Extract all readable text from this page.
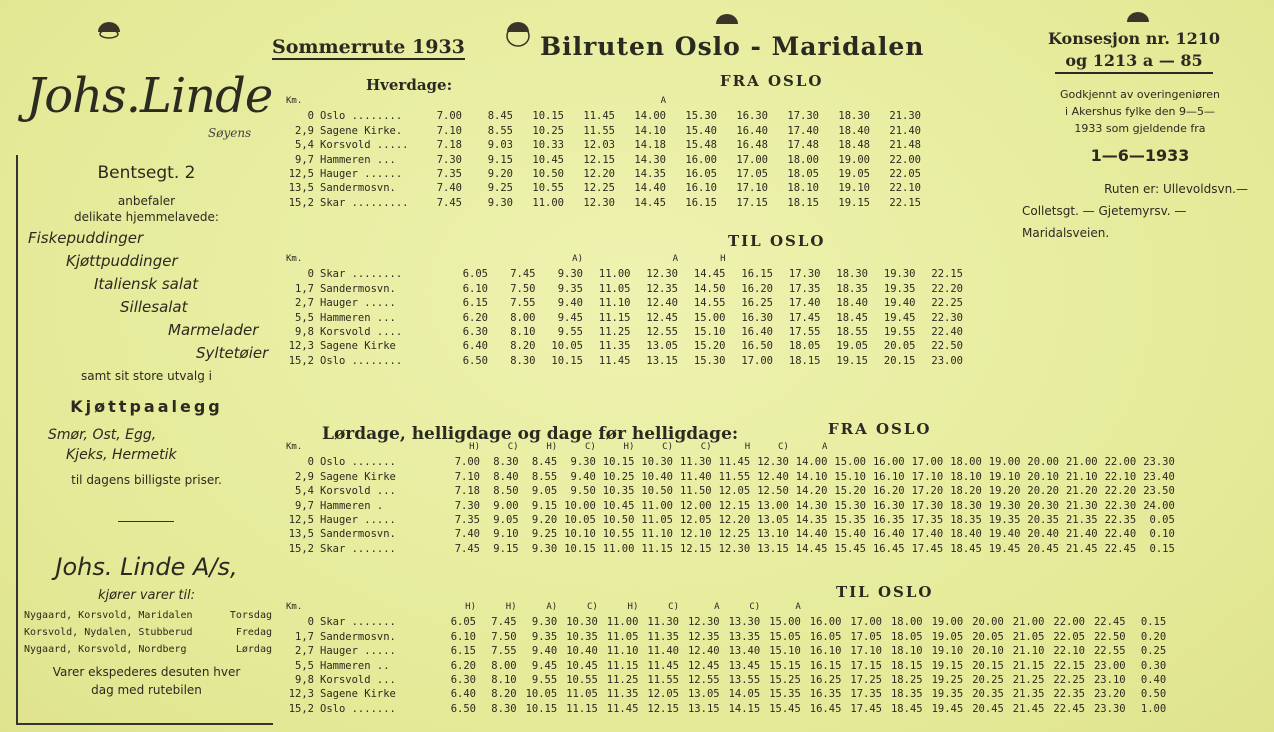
Johs.Linde
Søyens
Bentsegt. 2
anbefaler
delikate hjemmelavede:
Fiskepuddinger
Kjøttpuddinger
Italiensk salat
Sillesalat
Marmelader
Syltetøier
samt sit store utvalg i
Kjøttpaalegg
Smør, Ost, Egg,
Kjeks, Hermetik
til dagens billigste priser.
Johs. Linde A/s,
kjører varer til:
Nygaard, Korsvold, Maridalen	Torsdag
Korsvold, Nydalen, Stubberud	Fredag
Nygaard, Korsvold, Nordberg	Lørdag
Varer ekspederes desuten hver
dag med rutebilen
Sommerrute 1933	Bilruten Oslo - Maridalen	Konsesjon nr. 1210
og 1213 a — 85
Godkjennt av overingeniøren
i Akershus fylke den 9—5—
1933 som gjeldende fra
1—6—1933
Ruten er: Ullevoldsvn.—
Colletsgt. — Gjetemyrsv. —
Maridalsveien.
Hverdage:	FRA OSLO
Km.	A
0 Oslo ........	7.00	8.45	10.15	11.45	14.00	15.30	16.30	17.30	18.30	21.30
2,9 Sagene Kirke.	7.10	8.55	10.25	11.55	14.10	15.40	16.40	17.40	18.40	21.40
5,4 Korsvold .....	7.18	9.03	10.33	12.03	14.18	15.48	16.48	17.48	18.48	21.48
9,7 Hammeren ...	7.30	9.15	10.45	12.15	14.30	16.00	17.00	18.00	19.00	22.00
12,5 Hauger ......	7.35	9.20	10.50	12.20	14.35	16.05	17.05	18.05	19.05	22.05
13,5 Sandermosvn.	7.40	9.25	10.55	12.25	14.40	16.10	17.10	18.10	19.10	22.10
15,2 Skar .........	7.45	9.30	11.00	12.30	14.45	16.15	17.15	18.15	19.15	22.15
TIL OSLO
Km.	A)	A	H
0 Skar ........	6.05	7.45	9.30	11.00	12.30	14.45	16.15	17.30	18.30	19.30	22.15
1,7 Sandermosvn.	6.10	7.50	9.35	11.05	12.35	14.50	16.20	17.35	18.35	19.35	22.20
2,7 Hauger .....	6.15	7.55	9.40	11.10	12.40	14.55	16.25	17.40	18.40	19.40	22.25
5,5 Hammeren ...	6.20	8.00	9.45	11.15	12.45	15.00	16.30	17.45	18.45	19.45	22.30
9,8 Korsvold ....	6.30	8.10	9.55	11.25	12.55	15.10	16.40	17.55	18.55	19.55	22.40
12,3 Sagene Kirke	6.40	8.20	10.05	11.35	13.05	15.20	16.50	18.05	19.05	20.05	22.50
15,2 Oslo ........	6.50	8.30	10.15	11.45	13.15	15.30	17.00	18.15	19.15	20.15	23.00
Lørdage, helligdage og dage før helligdage:	FRA OSLO
Km.	H)	C)	H)	C)	H)	C)	C)	H	C)	A
0 Oslo .......	7.00	8.30	8.45	9.30 10.15 10.30 11.30 11.45 12.30 14.00 15.00 16.00 17.00 18.00 19.00 20.00 21.00 22.00 23.30
2,9 Sagene Kirke	7.10	8.40	8.55	9.40 10.25 10.40 11.40 11.55 12.40 14.10 15.10 16.10 17.10 18.10 19.10 20.10 21.10 22.10 23.40
5,4 Korsvold ...	7.18	8.50	9.05	9.50 10.35 10.50 11.50 12.05 12.50 14.20 15.20 16.20 17.20 18.20 19.20 20.20 21.20 22.20 23.50
9,7 Hammeren .	7.30	9.00	9.15 10.00 10.45 11.00 12.00 12.15 13.00 14.30 15.30 16.30 17.30 18.30 19.30 20.30 21.30 22.30 24.00
12,5 Hauger .....	7.35	9.05	9.20 10.05 10.50 11.05 12.05 12.20 13.05 14.35 15.35 16.35 17.35 18.35 19.35 20.35 21.35 22.35	0.05
13,5 Sandermosvn.	7.40	9.10	9.25 10.10 10.55 11.10 12.10 12.25 13.10 14.40 15.40 16.40 17.40 18.40 19.40 20.40 21.40 22.40	0.10
15,2 Skar .......	7.45	9.15	9.30 10.15 11.00 11.15 12.15 12.30 13.15 14.45 15.45 16.45 17.45 18.45 19.45 20.45 21.45 22.45	0.15
TIL OSLO
Km.	H)	H)	A)	C)	H)	C)	A	C)	A
0 Skar .......	6.05	7.45	9.30 10.30 11.00 11.30 12.30 13.30 15.00 16.00 17.00 18.00 19.00 20.00 21.00 22.00 22.45	0.15
1,7 Sandermosvn.	6.10	7.50	9.35 10.35 11.05 11.35 12.35 13.35 15.05 16.05 17.05 18.05 19.05 20.05 21.05 22.05 22.50	0.20
2,7 Hauger .....	6.15	7.55	9.40 10.40 11.10 11.40 12.40 13.40 15.10 16.10 17.10 18.10 19.10 20.10 21.10 22.10 22.55	0.25
5,5 Hammeren ..	6.20	8.00	9.45 10.45 11.15 11.45 12.45 13.45 15.15 16.15 17.15 18.15 19.15 20.15 21.15 22.15 23.00	0.30
9,8 Korsvold ...	6.30	8.10	9.55 10.55 11.25 11.55 12.55 13.55 15.25 16.25 17.25 18.25 19.25 20.25 21.25 22.25 23.10	0.40
12,3 Sagene Kirke	6.40	8.20 10.05 11.05 11.35 12.05 13.05 14.05 15.35 16.35 17.35 18.35 19.35 20.35 21.35 22.35 23.20	0.50
15,2 Oslo .......	6.50	8.30 10.15 11.15 11.45 12.15 13.15 14.15 15.45 16.45 17.45 18.45 19.45 20.45 21.45 22.45 23.30	1.00
